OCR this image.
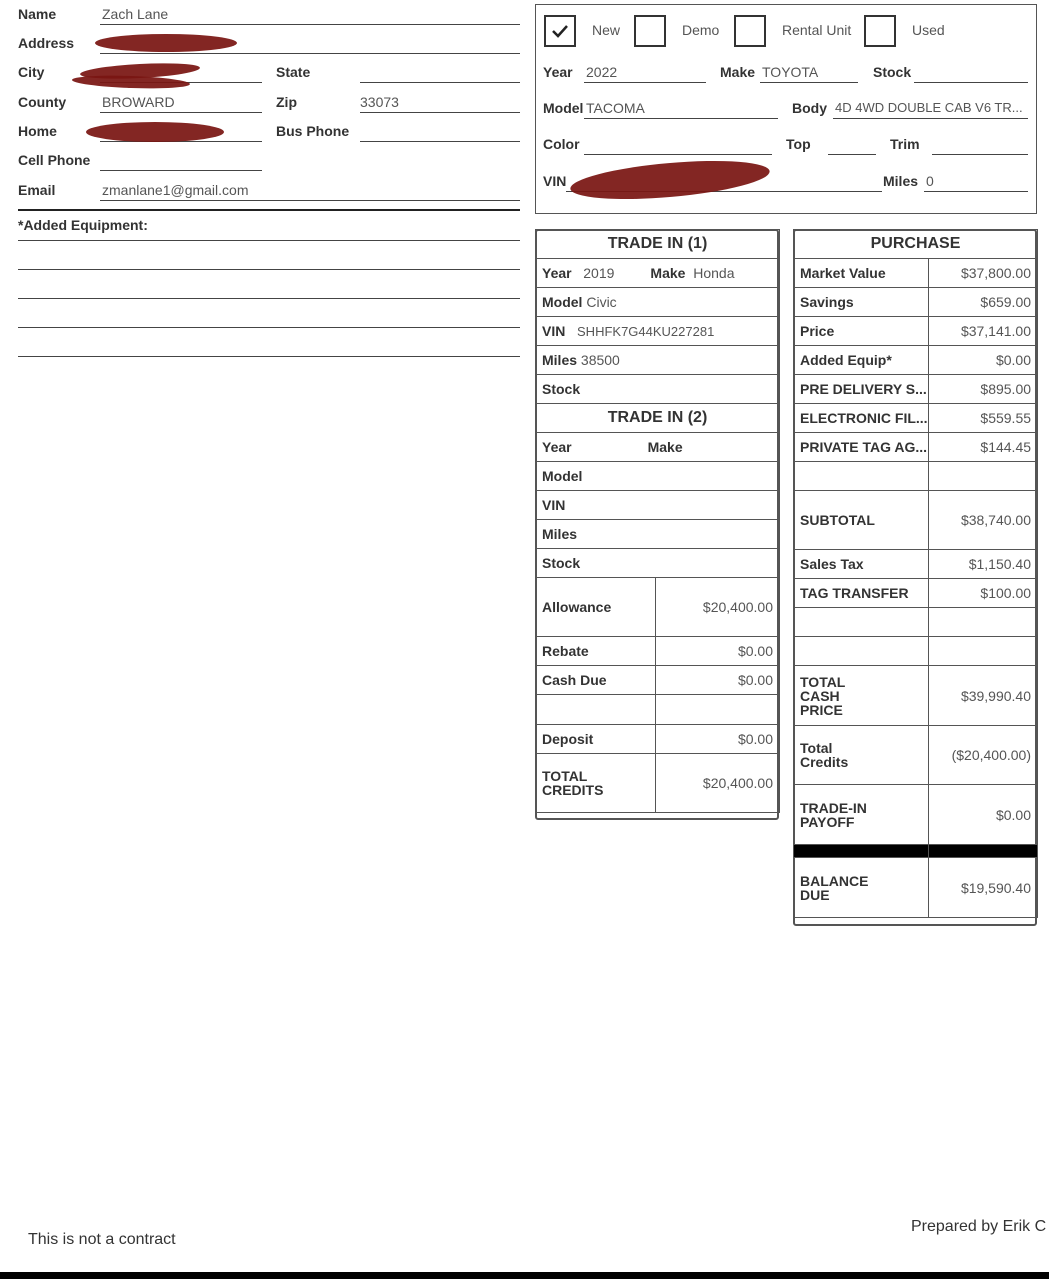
Name	Zach Lane
Address
City	State
County	BROWARD	Zip	33073
Home	Bus Phone
Cell Phone
Email	zmanlane1@gmail.com
*Added Equipment:
New	Demo	Rental Unit	Used
Year 2022	Make TOYOTA	Stock
Model TACOMA	Body 4D 4WD DOUBLE CAB V6 TR...
Color	Top	Trim
VIN	Miles 0
TRADE IN (1)	
Year 2019 Make Honda	
Model Civic	
VIN SHHFK7G44KU227281	
Miles 38500	
Stock	
TRADE IN (2)	
Year Make	
Model	
VIN	
Miles	
Stock	
Allowance	$20,400.00
Rebate	$0.00
Cash Due	$0.00

Deposit	$0.00

TOTAL
CREDITS	$20,400.00
PURCHASE	
Market Value	$37,800.00
Savings	$659.00
Price	$37,141.00
Added Equip*	$0.00
PRE DELIVERY S...	$895.00
ELECTRONIC FIL...	$559.55
PRIVATE TAG AG...	$144.45

SUBTOTAL	$38,740.00
Sales Tax	$1,150.40
TAG TRANSFER	$100.00

TOTAL
CASH
PRICE	$39,990.40

Total
Credits	($20,400.00)

TRADE-IN
PAYOFF	$0.00

BALANCE
DUE	$19,590.40
This is not a contract
Prepared by Erik C
